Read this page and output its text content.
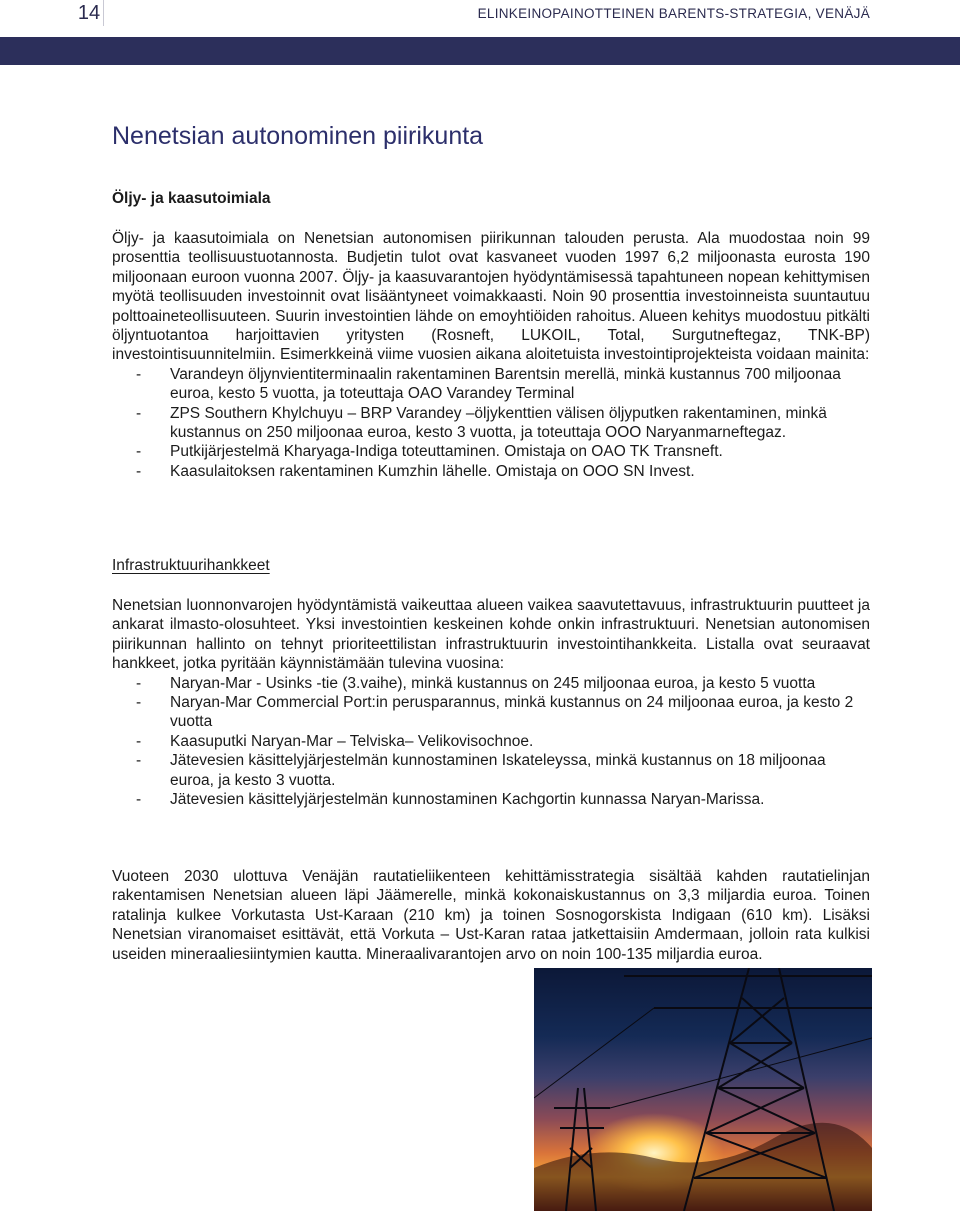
14	ELINKEINOPAINOTTEINEN BARENTS-STRATEGIA, VENÄJÄ
Nenetsian autonominen piirikunta
Öljy- ja kaasutoimiala

Öljy- ja kaasutoimiala on Nenetsian autonomisen piirikunnan talouden perusta. Ala muodostaa noin 99 prosenttia teollisuustuotannosta. Budjetin tulot ovat kasvaneet vuoden 1997 6,2 miljoonasta eurosta 190 miljoonaan euroon vuonna 2007. Öljy- ja kaasuvarantojen hyödyntämisessä tapahtuneen nopean kehittymisen myötä teollisuuden investoinnit ovat lisääntyneet voimakkaasti. Noin 90 prosenttia investoinneista suuntautuu polttoaineteollisuuteen. Suurin investointien lähde on emoyhtiöiden rahoitus. Alueen kehitys muodostuu pitkälti öljyntuotantoa harjoittavien yritysten (Rosneft, LUKOIL, Total, Surgutneftegaz, TNK-BP) investointisuunnitelmiin. Esimerkkeinä viime vuosien aikana aloitetuista investointiprojekteista voidaan mainita:

- Varandeyn öljynvientiterminaalin rakentaminen Barentsin merellä, minkä kustannus 700 miljoonaa euroa, kesto 5 vuotta, ja toteuttaja OAO Varandey Terminal
- ZPS Southern Khylchuyu – BRP Varandey –öljykenttien välisen öljyputken rakentaminen, minkä kustannus on 250 miljoonaa euroa, kesto 3 vuotta, ja toteuttaja OOO Naryanmarneftegaz.
- Putkijärjestelmä Kharyaga-Indiga toteuttaminen. Omistaja on OAO TK Transneft.
- Kaasulaitoksen rakentaminen Kumzhin lähelle. Omistaja on OOO SN Invest.
Infrastruktuurihankkeet

Nenetsian luonnonvarojen hyödyntämistä vaikeuttaa alueen vaikea saavutettavuus, infrastruktuurin puutteet ja ankarat ilmasto-olosuhteet. Yksi investointien keskeinen kohde onkin infrastruktuuri. Nenetsian autonomisen piirikunnan hallinto on tehnyt prioriteettilistan infrastruktuurin investointihankkeita. Listalla ovat seuraavat hankkeet, jotka pyritään käynnistämään tulevina vuosina:

- Naryan-Mar - Usinks -tie (3.vaihe), minkä kustannus on 245 miljoonaa euroa, ja kesto 5 vuotta
- Naryan-Mar Commercial Port:in perusparannus, minkä kustannus on 24 miljoonaa euroa, ja kesto 2 vuotta
- Kaasuputki Naryan-Mar – Telviska– Velikovisochnoe.
- Jätevesien käsittelyjärjestelmän kunnostaminen Iskateleyssa, minkä kustannus on 18 miljoonaa euroa, ja kesto 3 vuotta.
- Jätevesien käsittelyjärjestelmän kunnostaminen Kachgortin kunnassa Naryan-Marissa.

Vuoteen 2030 ulottuva Venäjän rautatieliikenteen kehittämisstrategia sisältää kahden rautatielinjan rakentamisen Nenetsian alueen läpi Jäämerelle, minkä kokonaiskustannus on 3,3 miljardia euroa. Toinen ratalinja kulkee Vorkutasta Ust-Karaan (210 km) ja toinen Sosnogorskista Indigaan (610 km). Lisäksi Nenetsian viranomaiset esittävät, että Vorkuta – Ust-Karan rataa jatkettaisiin Amdermaan, jolloin rata kulkisi useiden mineraaliesiintymien kautta. Mineraalivarantojen arvo on noin 100-135 miljardia euroa.
